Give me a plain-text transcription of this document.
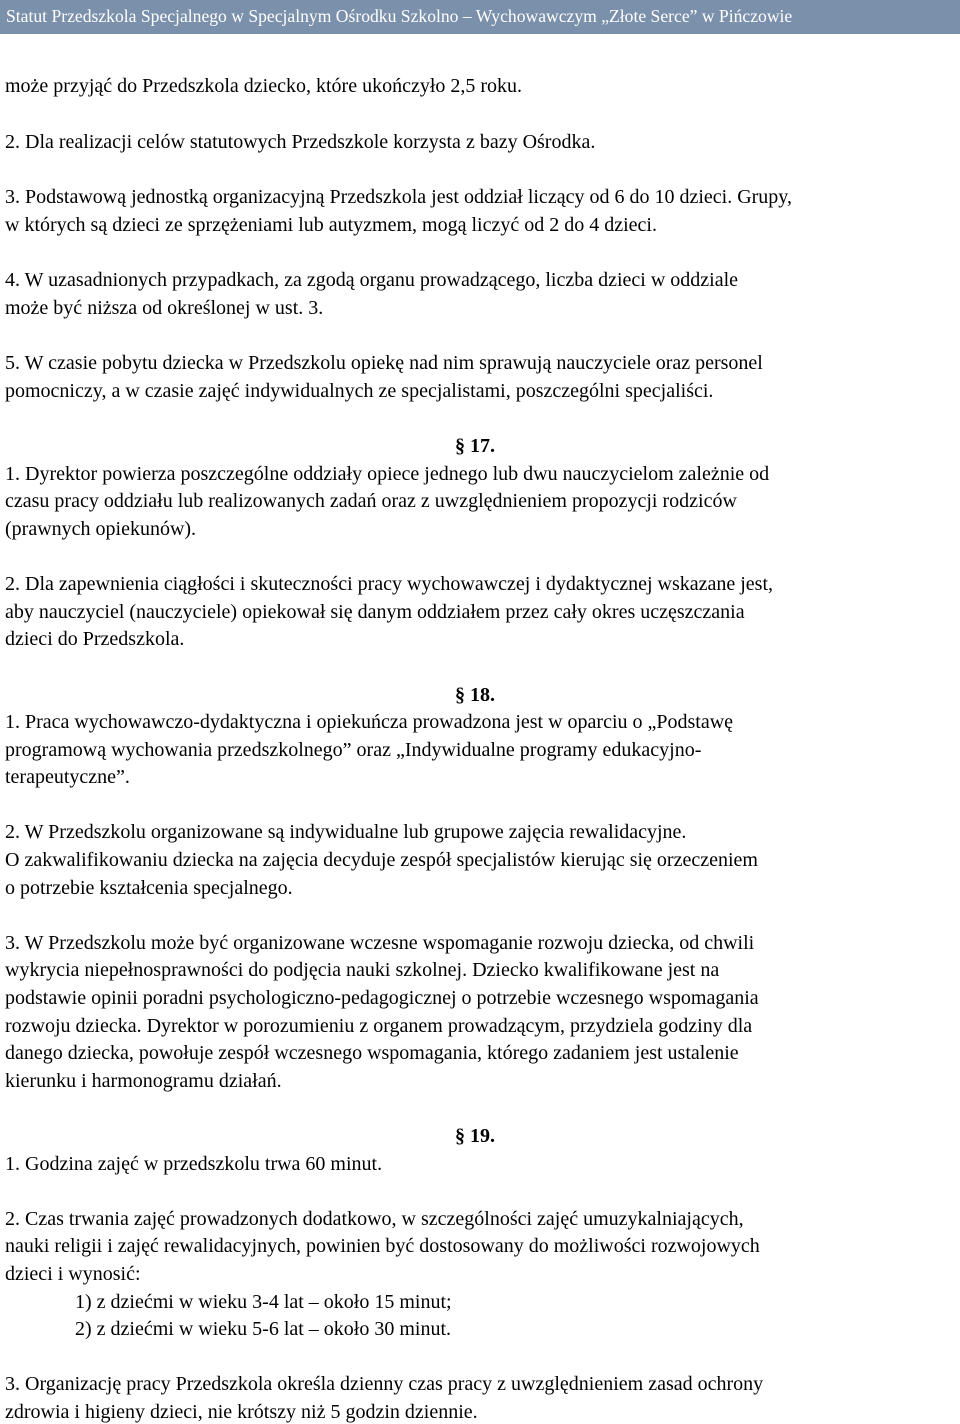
Statut Przedszkola Specjalnego w Specjalnym Ośrodku Szkolno – Wychowawczym „Złote Serce” w Pińczowie
może przyjąć do Przedszkola dziecko, które ukończyło 2,5 roku.
2. Dla realizacji celów statutowych Przedszkole korzysta z bazy Ośrodka.
3. Podstawową jednostką organizacyjną Przedszkola jest oddział liczący od 6 do 10 dzieci. Grupy,
w których są dzieci ze sprzężeniami lub autyzmem, mogą liczyć od 2 do 4 dzieci.
4. W uzasadnionych przypadkach, za zgodą organu prowadzącego, liczba dzieci w oddziale
może być niższa od określonej w ust. 3.
5. W czasie pobytu dziecka w Przedszkolu opiekę nad nim sprawują nauczyciele oraz personel
pomocniczy, a w czasie zajęć indywidualnych ze specjalistami, poszczególni specjaliści.
§ 17.
1. Dyrektor powierza poszczególne oddziały opiece jednego lub dwu nauczycielom zależnie od
czasu pracy oddziału lub realizowanych zadań oraz z uwzględnieniem propozycji rodziców
(prawnych opiekunów).
2. Dla zapewnienia ciągłości i skuteczności pracy wychowawczej i dydaktycznej wskazane jest,
aby nauczyciel (nauczyciele) opiekował się danym oddziałem przez cały okres uczęszczania
dzieci do Przedszkola.
§ 18.
1. Praca wychowawczo-dydaktyczna i opiekuńcza prowadzona jest w oparciu o „Podstawę
programową wychowania przedszkolnego” oraz „Indywidualne programy edukacyjno-
terapeutyczne”.
2. W Przedszkolu organizowane są indywidualne lub grupowe zajęcia rewalidacyjne.
O zakwalifikowaniu dziecka na zajęcia decyduje zespół specjalistów kierując się orzeczeniem
o potrzebie kształcenia specjalnego.
3. W Przedszkolu może być organizowane wczesne wspomaganie rozwoju dziecka, od chwili
wykrycia niepełnosprawności do podjęcia nauki szkolnej. Dziecko kwalifikowane jest na
podstawie opinii poradni psychologiczno-pedagogicznej o potrzebie wczesnego wspomagania
rozwoju dziecka. Dyrektor w porozumieniu z organem prowadzącym, przydziela godziny dla
danego dziecka, powołuje zespół wczesnego wspomagania, którego zadaniem jest ustalenie
kierunku i harmonogramu działań.
§ 19.
1. Godzina zajęć w przedszkolu trwa 60 minut.
2. Czas trwania zajęć prowadzonych dodatkowo, w szczególności zajęć umuzykalniających,
nauki religii i zajęć rewalidacyjnych, powinien być dostosowany do możliwości rozwojowych
dzieci i wynosić:
1) z dziećmi w wieku 3-4 lat – około 15 minut;
2) z dziećmi w wieku 5-6 lat – około 30 minut.
3. Organizację pracy Przedszkola określa dzienny czas pracy z uwzględnieniem zasad ochrony
zdrowia i higieny dzieci, nie krótszy niż 5 godzin dziennie.
